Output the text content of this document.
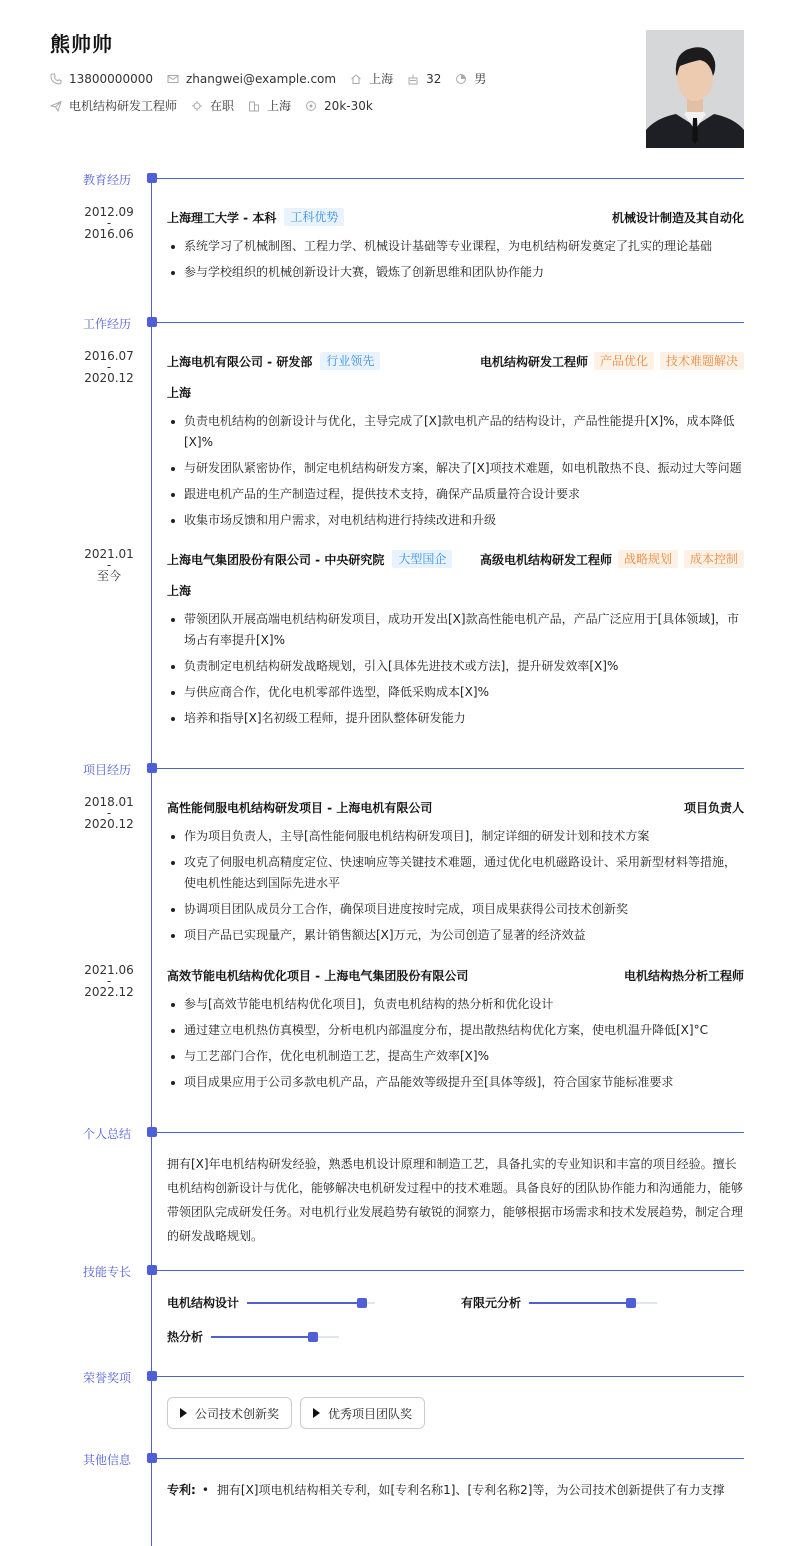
熊帅帅
13800000000	zhangwei@example.com	上海	32	男
电机结构研发工程师	在职	上海	20k-30k
教育经历
2012.09
-
2016.06
上海理工大学 - 本科	工科优势	机械设计制造及其自动化
系统学习了机械制图、工程力学、机械设计基础等专业课程，为电机结构研发奠定了扎实的理论基础
参与学校组织的机械创新设计大赛，锻炼了创新思维和团队协作能力
工作经历
2016.07
-
2020.12
上海电机有限公司 - 研发部	行业领先	电机结构研发工程师	产品优化	技术难题解决
上海
负责电机结构的创新设计与优化，主导完成了[X]款电机产品的结构设计，产品性能提升[X]%，成本降低[X]%
与研发团队紧密协作，制定电机结构研发方案，解决了[X]项技术难题，如电机散热不良、振动过大等问题
跟进电机产品的生产制造过程，提供技术支持，确保产品质量符合设计要求
收集市场反馈和用户需求，对电机结构进行持续改进和升级
2021.01
-
至今
上海电气集团股份有限公司 - 中央研究院	大型国企	高级电机结构研发工程师	战略规划	成本控制
上海
带领团队开展高端电机结构研发项目，成功开发出[X]款高性能电机产品，产品广泛应用于[具体领域]，市场占有率提升[X]%
负责制定电机结构研发战略规划，引入[具体先进技术或方法]，提升研发效率[X]%
与供应商合作，优化电机零部件选型，降低采购成本[X]%
培养和指导[X]名初级工程师，提升团队整体研发能力
项目经历
2018.01
-
2020.12
高性能伺服电机结构研发项目 - 上海电机有限公司	项目负责人
作为项目负责人，主导[高性能伺服电机结构研发项目]，制定详细的研发计划和技术方案
攻克了伺服电机高精度定位、快速响应等关键技术难题，通过优化电机磁路设计、采用新型材料等措施，使电机性能达到国际先进水平
协调项目团队成员分工合作，确保项目进度按时完成，项目成果获得公司技术创新奖
项目产品已实现量产，累计销售额达[X]万元，为公司创造了显著的经济效益
2021.06
-
2022.12
高效节能电机结构优化项目 - 上海电气集团股份有限公司	电机结构热分析工程师
参与[高效节能电机结构优化项目]，负责电机结构的热分析和优化设计
通过建立电机热仿真模型，分析电机内部温度分布，提出散热结构优化方案，使电机温升降低[X]°C
与工艺部门合作，优化电机制造工艺，提高生产效率[X]%
项目成果应用于公司多款电机产品，产品能效等级提升至[具体等级]，符合国家节能标准要求
个人总结
拥有[X]年电机结构研发经验，熟悉电机设计原理和制造工艺，具备扎实的专业知识和丰富的项目经验。擅长电机结构创新设计与优化，能够解决电机研发过程中的技术难题。具备良好的团队协作能力和沟通能力，能够带领团队完成研发任务。对电机行业发展趋势有敏锐的洞察力，能够根据市场需求和技术发展趋势，制定合理的研发战略规划。
技能专长
电机结构设计	有限元分析
热分析
荣誉奖项
公司技术创新奖	优秀项目团队奖
其他信息
专利: • 拥有[X]项电机结构相关专利，如[专利名称1]、[专利名称2]等，为公司技术创新提供了有力支撑
